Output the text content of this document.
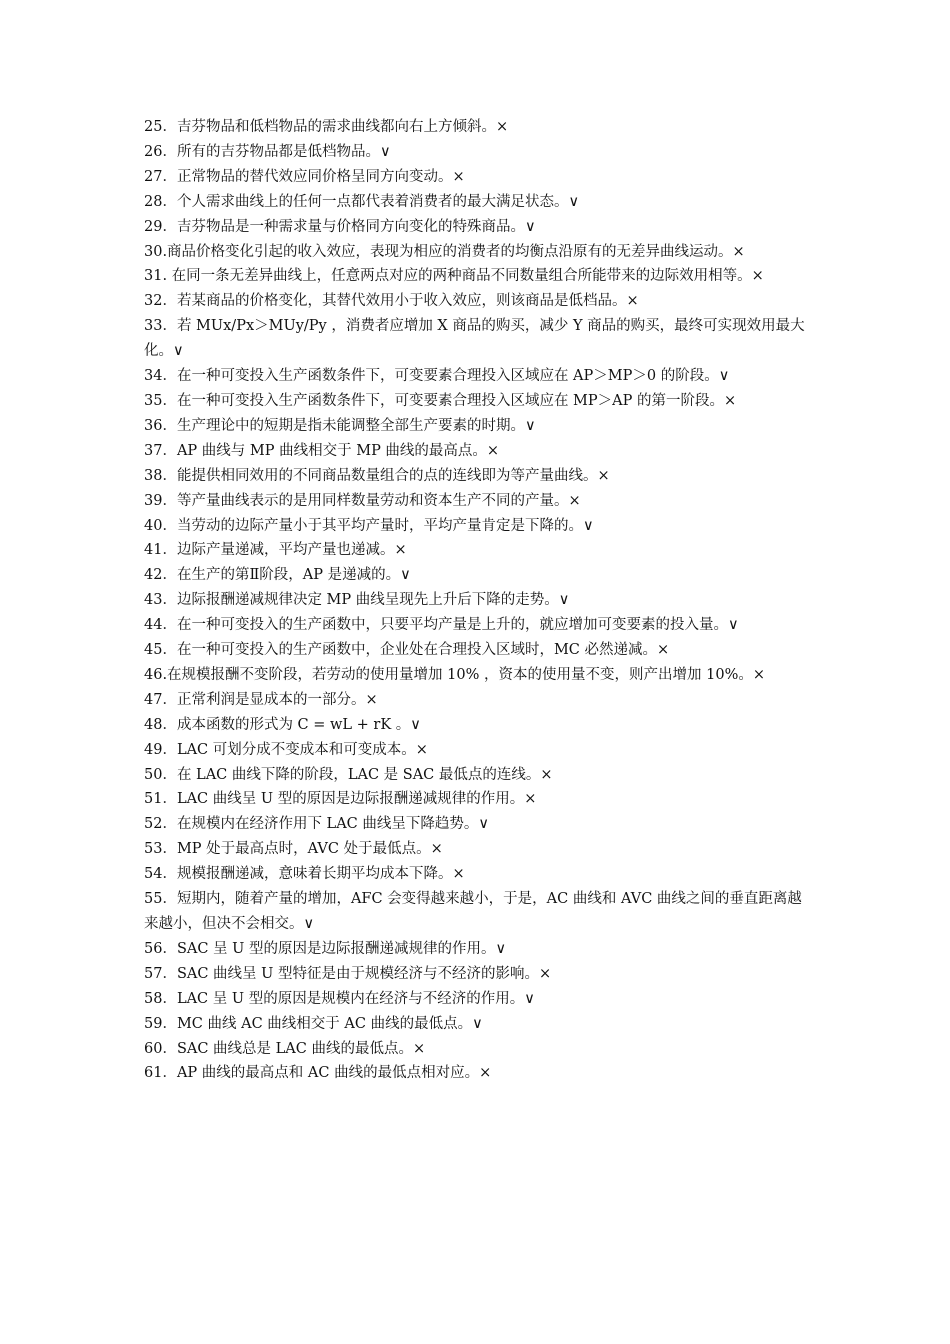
25．吉芬物品和低档物品的需求曲线都向右上方倾斜。×

26．所有的吉芬物品都是低档物品。∨

27．正常物品的替代效应同价格呈同方向变动。×

28．个人需求曲线上的任何一点都代表着消费者的最大满足状态。∨

29．吉芬物品是一种需求量与价格同方向变化的特殊商品。∨

30.商品价格变化引起的收入效应，表现为相应的消费者的均衡点沿原有的无差异曲线运动。×

31. 在同一条无差异曲线上，任意两点对应的两种商品不同数量组合所能带来的边际效用相等。×

32．若某商品的价格变化，其替代效用小于收入效应，则该商品是低档品。×

33．若 MUx/Px＞MUy/Py ，消费者应增加 X 商品的购买，减少 Y 商品的购买，最终可实现效用最大化。∨

34．在一种可变投入生产函数条件下，可变要素合理投入区域应在 AP＞MP＞0 的阶段。∨

35．在一种可变投入生产函数条件下，可变要素合理投入区域应在 MP＞AP 的第一阶段。×

36．生产理论中的短期是指未能调整全部生产要素的时期。∨

37．AP 曲线与 MP 曲线相交于 MP 曲线的最高点。×

38．能提供相同效用的不同商品数量组合的点的连线即为等产量曲线。×

39．等产量曲线表示的是用同样数量劳动和资本生产不同的产量。×

40．当劳动的边际产量小于其平均产量时，平均产量肯定是下降的。∨

41．边际产量递减，平均产量也递减。×

42．在生产的第Ⅱ阶段，AP 是递减的。∨

43．边际报酬递减规律决定 MP 曲线呈现先上升后下降的走势。∨

44．在一种可变投入的生产函数中，只要平均产量是上升的，就应增加可变要素的投入量。∨

45．在一种可变投入的生产函数中，企业处在合理投入区域时，MC 必然递减。×

46.在规模报酬不变阶段，若劳动的使用量增加 10% ，资本的使用量不变，则产出增加 10%。×

47．正常利润是显成本的一部分。×

48．成本函数的形式为 C = wL + rK 。∨

49．LAC 可划分成不变成本和可变成本。×

50．在 LAC 曲线下降的阶段，LAC 是 SAC 最低点的连线。×

51．LAC 曲线呈 U 型的原因是边际报酬递减规律的作用。×

52．在规模内在经济作用下 LAC 曲线呈下降趋势。∨

53．MP 处于最高点时，AVC 处于最低点。×

54．规模报酬递减，意味着长期平均成本下降。×

55．短期内，随着产量的增加，AFC 会变得越来越小，于是，AC 曲线和 AVC 曲线之间的垂直距离越来越小，但决不会相交。∨

56．SAC 呈 U 型的原因是边际报酬递减规律的作用。∨

57．SAC 曲线呈 U 型特征是由于规模经济与不经济的影响。×

58．LAC 呈 U 型的原因是规模内在经济与不经济的作用。∨

59．MC 曲线 AC 曲线相交于 AC 曲线的最低点。∨

60．SAC 曲线总是 LAC 曲线的最低点。×

61．AP 曲线的最高点和 AC 曲线的最低点相对应。×
